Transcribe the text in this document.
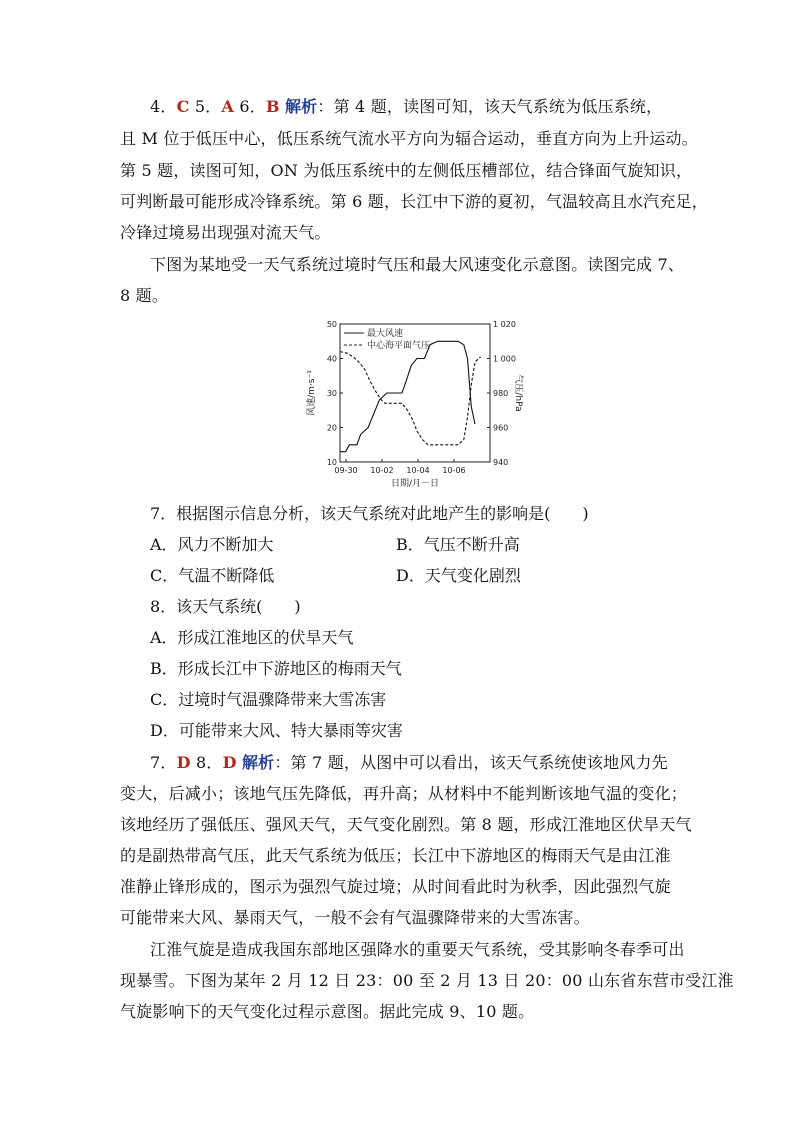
4．C 5．A 6．B 解析：第 4 题，读图可知，该天气系统为低压系统，
且 M 位于低压中心，低压系统气流水平方向为辐合运动，垂直方向为上升运动。
第 5 题，读图可知，ON 为低压系统中的左侧低压槽部位，结合锋面气旋知识，
可判断最可能形成冷锋系统。第 6 题，长江中下游的夏初，气温较高且水汽充足，
冷锋过境易出现强对流天气。
下图为某地受一天气系统过境时气压和最大风速变化示意图。读图完成 7、
8 题。
10
20
30
40
50
940
960
980
1 000
1 020
09-30 10-02 10-04 10-06
最大风速
中心海平面气压
风速/m·s⁻¹	气压/hPa
日期/月－日
7．根据图示信息分析，该天气系统对此地产生的影响是(　　)
A．风力不断加大	B．气压不断升高
C．气温不断降低	D．天气变化剧烈
8．该天气系统(　　)
A．形成江淮地区的伏旱天气
B．形成长江中下游地区的梅雨天气
C．过境时气温骤降带来大雪冻害
D．可能带来大风、特大暴雨等灾害
7．D 8．D 解析：第 7 题，从图中可以看出，该天气系统使该地风力先
变大，后减小；该地气压先降低，再升高；从材料中不能判断该地气温的变化；
该地经历了强低压、强风天气，天气变化剧烈。第 8 题，形成江淮地区伏旱天气
的是副热带高气压，此天气系统为低压；长江中下游地区的梅雨天气是由江淮
准静止锋形成的，图示为强烈气旋过境；从时间看此时为秋季，因此强烈气旋
可能带来大风、暴雨天气，一般不会有气温骤降带来的大雪冻害。
江淮气旋是造成我国东部地区强降水的重要天气系统，受其影响冬春季可出
现暴雪。下图为某年 2 月 12 日 23：00 至 2 月 13 日 20：00 山东省东营市受江淮
气旋影响下的天气变化过程示意图。据此完成 9、10 题。
